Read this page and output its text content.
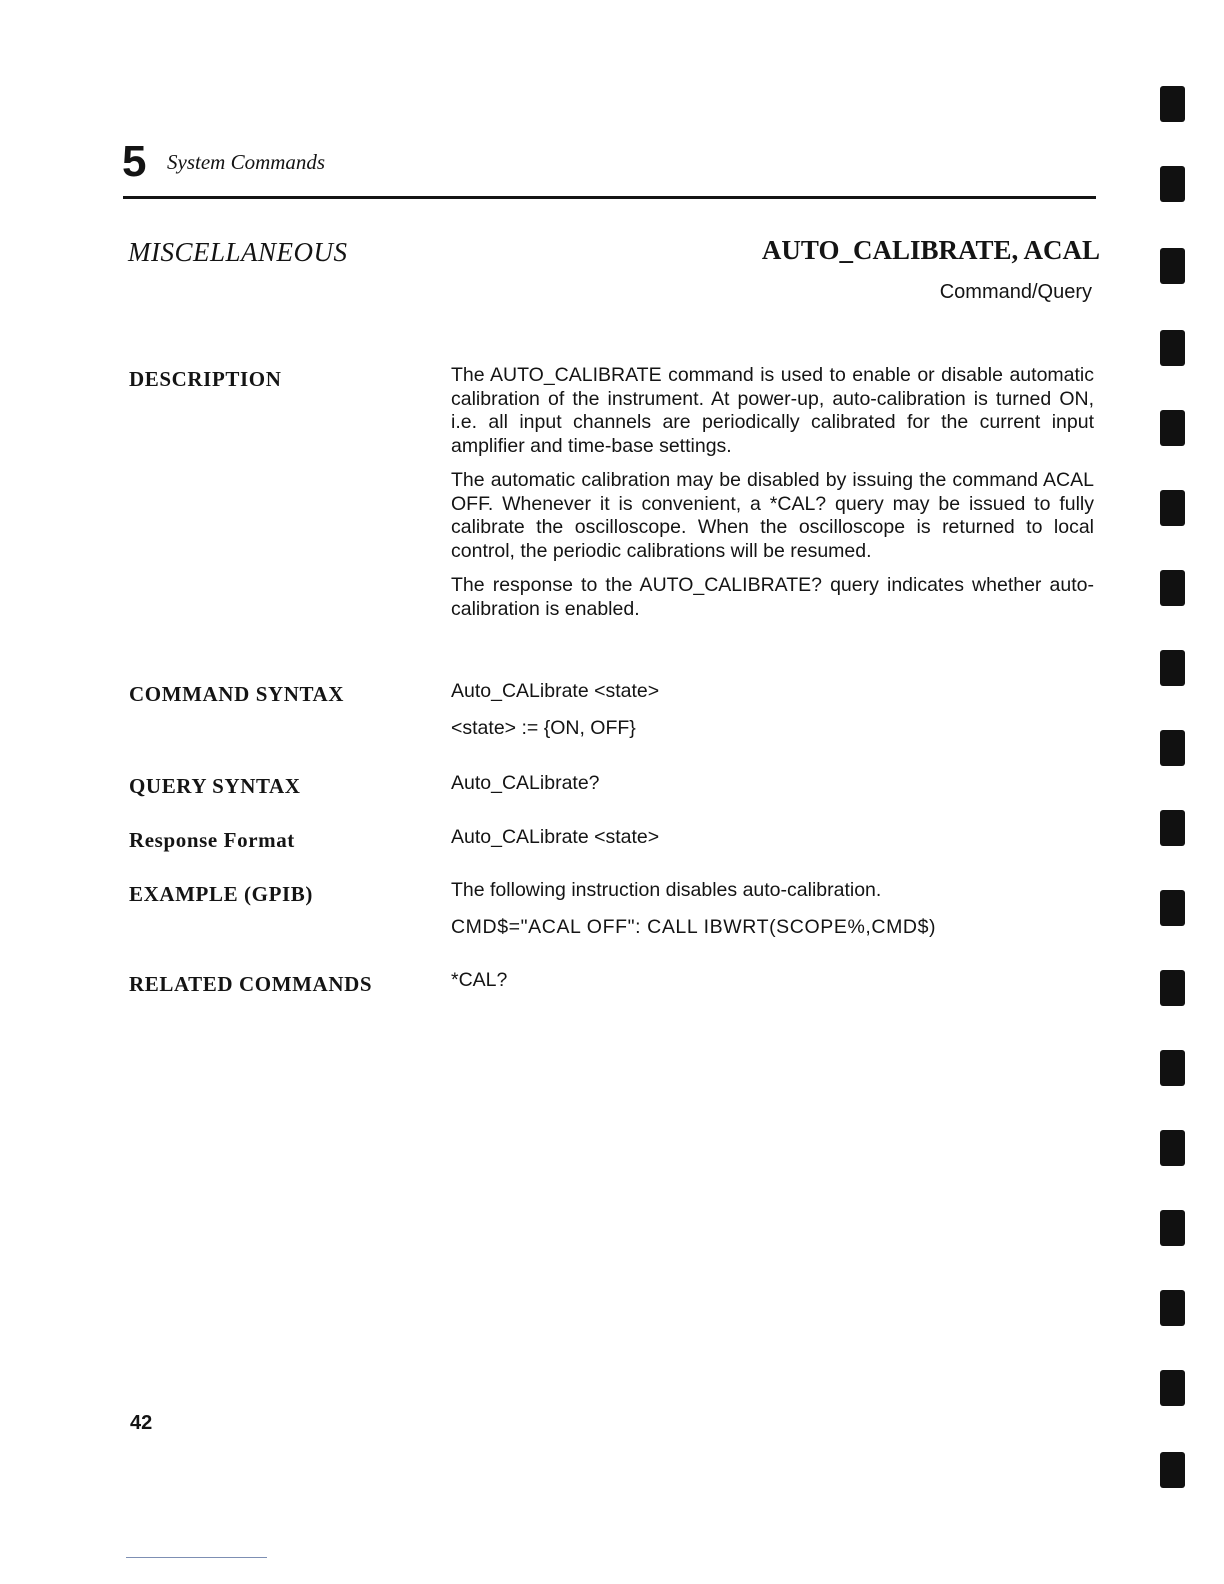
5 System Commands
MISCELLANEOUS	AUTO_CALIBRATE, ACAL
Command/Query
DESCRIPTION	The AUTO_CALIBRATE command is used to enable or disable automatic calibration of the instrument. At power-up, auto-calibration is turned ON, i.e. all input channels are periodically calibrated for the current input amplifier and time-base settings.

The automatic calibration may be disabled by issuing the command ACAL OFF. Whenever it is convenient, a *CAL? query may be issued to fully calibrate the oscilloscope. When the oscilloscope is returned to local control, the periodic calibrations will be resumed.

The response to the AUTO_CALIBRATE? query indicates whether auto-calibration is enabled.

COMMAND SYNTAX	Auto_CALibrate <state>

<state> := {ON, OFF}

QUERY SYNTAX	Auto_CALibrate?

Response Format	Auto_CALibrate <state>

EXAMPLE (GPIB)	The following instruction disables auto-calibration.

CMD$="ACAL OFF": CALL IBWRT(SCOPE%,CMD$)

RELATED COMMANDS	*CAL?

42
